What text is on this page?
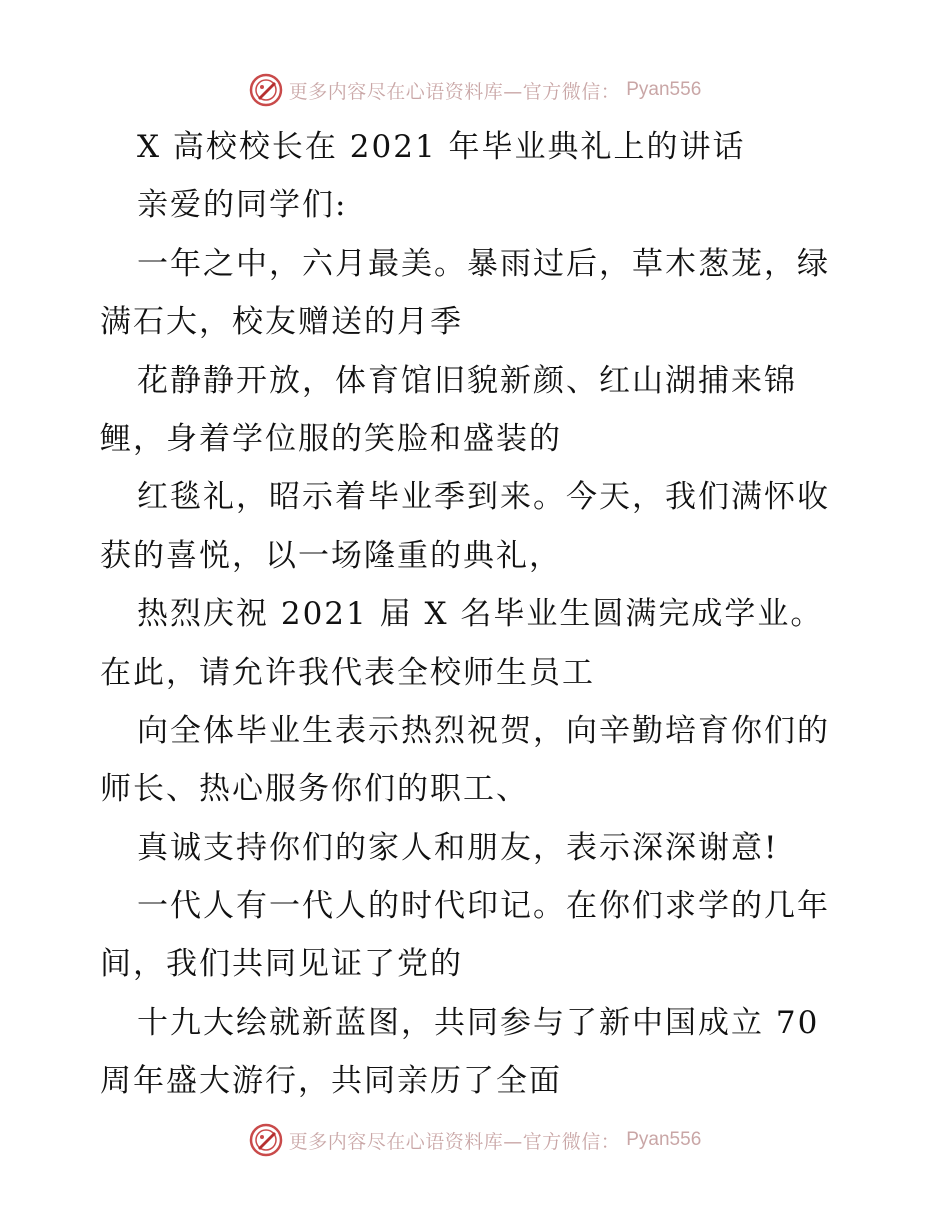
更多内容尽在心语资料库—官方微信： Pyan556
X 高校校长在 2021 年毕业典礼上的讲话
亲爱的同学们:
一年之中，六月最美。暴雨过后，草木葱茏，绿
满石大，校友赠送的月季
花静静开放，体育馆旧貌新颜、红山湖捕来锦
鲤，身着学位服的笑脸和盛装的
红毯礼，昭示着毕业季到来。今天，我们满怀收
获的喜悦，以一场隆重的典礼，
热烈庆祝 2021 届 X 名毕业生圆满完成学业。
在此，请允许我代表全校师生员工
向全体毕业生表示热烈祝贺，向辛勤培育你们的
师长、热心服务你们的职工、
真诚支持你们的家人和朋友，表示深深谢意!
一代人有一代人的时代印记。在你们求学的几年
间，我们共同见证了党的
十九大绘就新蓝图，共同参与了新中国成立 70
周年盛大游行，共同亲历了全面
更多内容尽在心语资料库—官方微信： Pyan556
